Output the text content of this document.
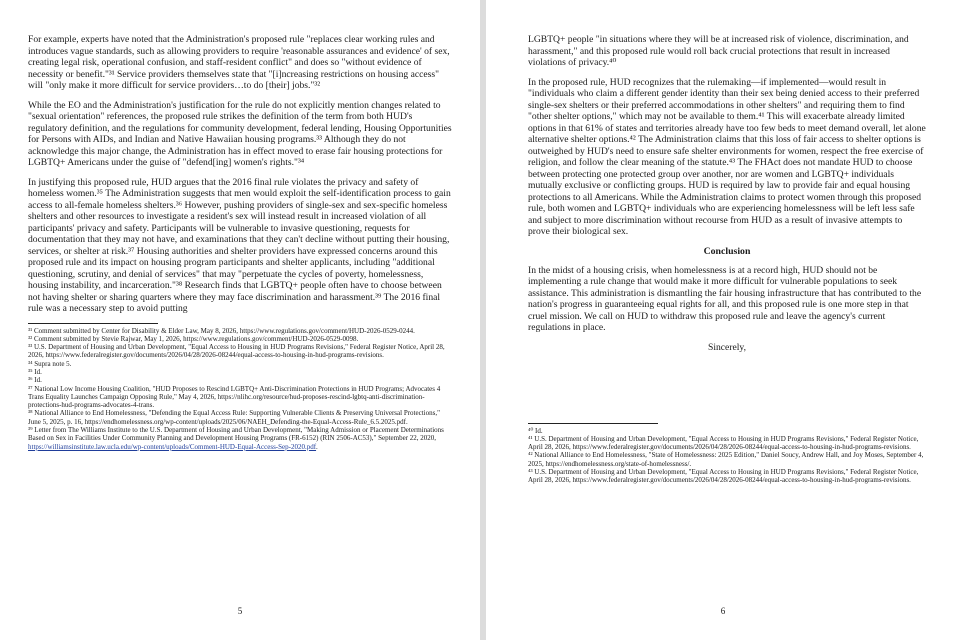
For example, experts have noted that the Administration's proposed rule "replaces clear working rules and introduces vague standards, such as allowing providers to require 'reasonable assurances and evidence' of sex, creating legal risk, operational confusion, and staff-resident conflict" and does so "without evidence of necessity or benefit."³¹ Service providers themselves state that "[i]ncreasing restrictions on housing access" will "only make it more difficult for service providers…to do [their] jobs."³²

While the EO and the Administration's justification for the rule do not explicitly mention changes related to "sexual orientation" references, the proposed rule strikes the definition of the term from both HUD's regulatory definition, and the regulations for community development, federal lending, Housing Opportunities for Persons with AIDs, and Indian and Native Hawaiian housing programs.³³ Although they do not acknowledge this major change, the Administration has in effect moved to erase fair housing protections for LGBTQ+ Americans under the guise of "defend[ing] women's rights."³⁴

In justifying this proposed rule, HUD argues that the 2016 final rule violates the privacy and safety of homeless women.³⁵ The Administration suggests that men would exploit the self-identification process to gain access to all-female homeless shelters.³⁶ However, pushing providers of single-sex and sex-specific homeless shelters and other resources to investigate a resident's sex will instead result in increased violation of all participants' privacy and safety. Participants will be vulnerable to invasive questioning, requests for documentation that they may not have, and examinations that they can't decline without putting their housing, services, or shelter at risk.³⁷ Housing authorities and shelter providers have expressed concerns around this proposed rule and its impact on housing program participants and shelter applicants, including "additional questioning, scrutiny, and denial of services" that may "perpetuate the cycles of poverty, homelessness, housing instability, and incarceration."³⁸ Research finds that LGBTQ+ people often have to choose between not having shelter or sharing quarters where they may face discrimination and harassment.³⁹ The 2016 final rule was a necessary step to avoid putting

³¹ Comment submitted by Center for Disability & Elder Law, May 8, 2026, https://www.regulations.gov/comment/HUD-2026-0529-0244.

³² Comment submitted by Stevie Rajwar, May 1, 2026, https://www.regulations.gov/comment/HUD-2026-0529-0098.

³³ U.S. Department of Housing and Urban Development, "Equal Access to Housing in HUD Programs Revisions," Federal Register Notice, April 28, 2026, https://www.federalregister.gov/documents/2026/04/28/2026-08244/equal-access-to-housing-in-hud-programs-revisions.

³⁴ Supra note 5.

³⁵ Id.

³⁶ Id.

³⁷ National Low Income Housing Coalition, "HUD Proposes to Rescind LGBTQ+ Anti-Discrimination Protections in HUD Programs; Advocates 4 Trans Equality Launches Campaign Opposing Rule," May 4, 2026, https://nlihc.org/resource/hud-proposes-rescind-lgbtq-anti-discrimination-protections-hud-programs-advocates-4-trans.

³⁸ National Alliance to End Homelessness, "Defending the Equal Access Rule: Supporting Vulnerable Clients & Preserving Universal Protections," June 5, 2025, p. 16, https://endhomelessness.org/wp-content/uploads/2025/06/NAEH_Defending-the-Equal-Access-Rule_6.5.2025.pdf.

³⁹ Letter from The Williams Institute to the U.S. Department of Housing and Urban Development, "Making Admission or Placement Determinations Based on Sex in Facilities Under Community Planning and Development Housing Programs (FR-6152) (RIN 2506-AC53)," September 22, 2020, https://williamsinstitute.law.ucla.edu/wp-content/uploads/Comment-HUD-Equal-Access-Sep-2020.pdf.

5

LGBTQ+ people "in situations where they will be at increased risk of violence, discrimination, and harassment," and this proposed rule would roll back crucial protections that result in increased violations of privacy.⁴⁰

In the proposed rule, HUD recognizes that the rulemaking—if implemented—would result in "individuals who claim a different gender identity than their sex being denied access to their preferred single-sex shelters or their preferred accommodations in other shelters" and requiring them to find "other shelter options," which may not be available to them.⁴¹ This will exacerbate already limited options in that 61% of states and territories already have too few beds to meet demand overall, let alone alternative shelter options.⁴² The Administration claims that this loss of fair access to shelter options is outweighed by HUD's need to ensure safe shelter environments for women, respect the free exercise of religion, and follow the clear meaning of the statute.⁴³ The FHAct does not mandate HUD to choose between protecting one protected group over another, nor are women and LGBTQ+ individuals mutually exclusive or conflicting groups. HUD is required by law to provide fair and equal housing protections to all Americans. While the Administration claims to protect women through this proposed rule, both women and LGBTQ+ individuals who are experiencing homelessness will be left less safe and subject to more discrimination without recourse from HUD as a result of invasive attempts to prove their biological sex.

Conclusion

In the midst of a housing crisis, when homelessness is at a record high, HUD should not be implementing a rule change that would make it more difficult for vulnerable populations to seek assistance. This administration is dismantling the fair housing infrastructure that has contributed to the nation's progress in guaranteeing equal rights for all, and this proposed rule is one more step in that cruel mission. We call on HUD to withdraw this proposed rule and leave the agency's current regulations in place.

Sincerely,

⁴⁰ Id.

⁴¹ U.S. Department of Housing and Urban Development, "Equal Access to Housing in HUD Programs Revisions," Federal Register Notice, April 28, 2026, https://www.federalregister.gov/documents/2026/04/28/2026-08244/equal-access-to-housing-in-hud-programs-revisions.

⁴² National Alliance to End Homelessness, "State of Homelessness: 2025 Edition," Daniel Soucy, Andrew Hall, and Joy Moses, September 4, 2025, https://endhomelessness.org/state-of-homelessness/.

⁴³ U.S. Department of Housing and Urban Development, "Equal Access to Housing in HUD Programs Revisions," Federal Register Notice, April 28, 2026, https://www.federalregister.gov/documents/2026/04/28/2026-08244/equal-access-to-housing-in-hud-programs-revisions.

6
